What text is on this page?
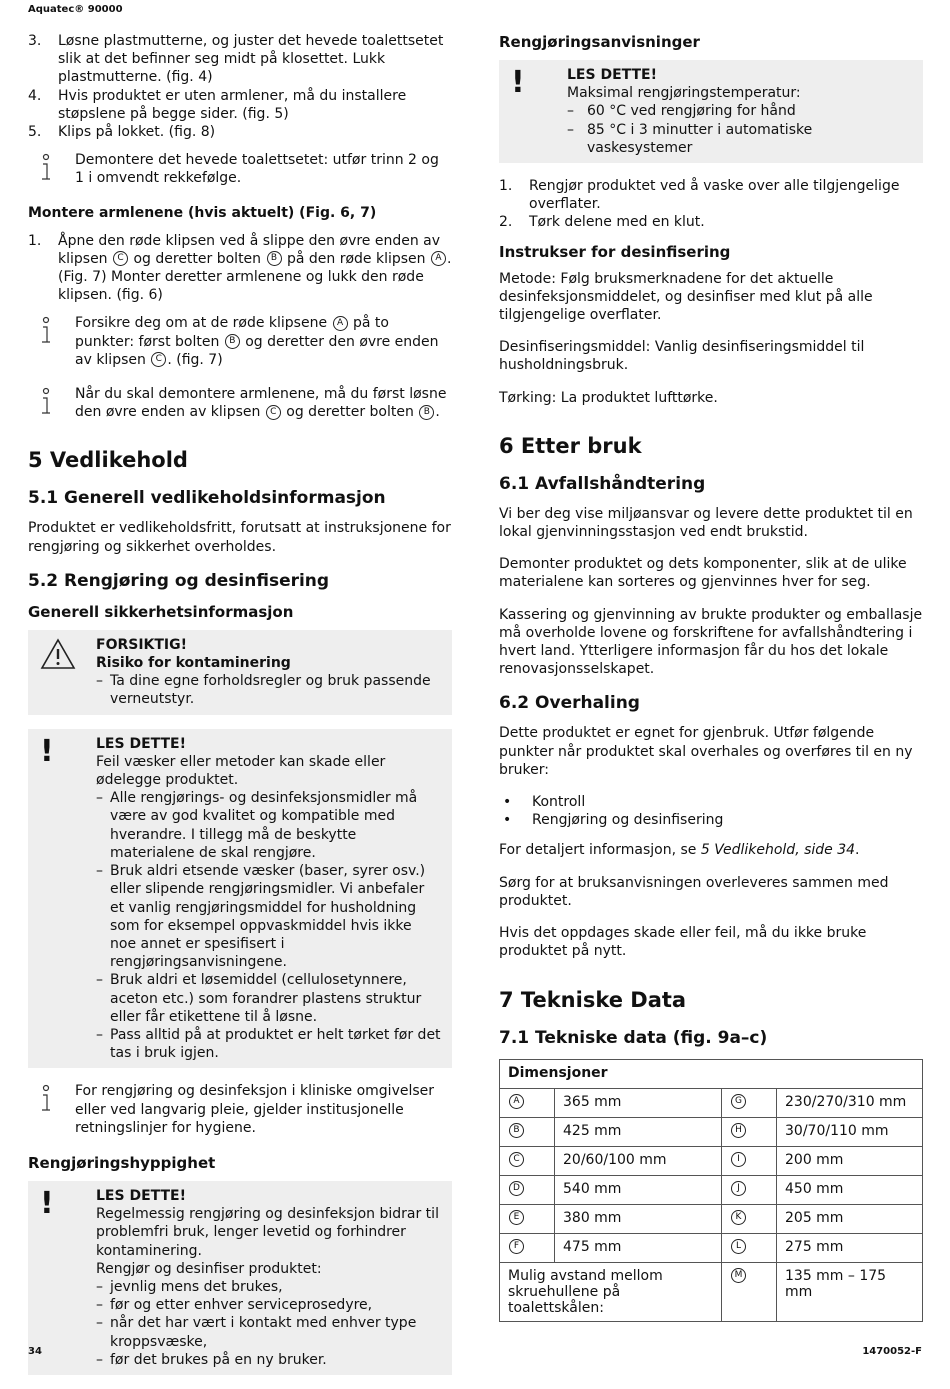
Aquatec® 90000
3. Løsne plastmutterne, og juster det hevede toalettsetet slik at det befinner seg midt på klosettet. Lukk plastmutterne. (fig. 4)
4. Hvis produktet er uten armlener, må du installere støpslene på begge sider. (fig. 5)
5. Klips på lokket. (fig. 8)
Demontere det hevede toalettsetet: utfør trinn 2 og 1 i omvendt rekkefølge.
Montere armlenene (hvis aktuelt) (Fig. 6, 7)
1. Åpne den røde klipsen ved å slippe den øvre enden av klipsen C og deretter bolten B på den røde klipsen A . (Fig. 7) Monter deretter armlenene og lukk den røde klipsen. (fig. 6)
Forsikre deg om at de røde klipsene A på to punkter: først bolten B og deretter den øvre enden av klipsen C . (fig. 7)
Når du skal demontere armlenene, må du først løsne den øvre enden av klipsen C og deretter bolten B .
5 Vedlikehold
5.1 Generell vedlikeholdsinformasjon

Produktet er vedlikeholdsfritt, forutsatt at instruksjonene for rengjøring og sikkerhet overholdes.

5.2 Rengjøring og desinfisering
Generell sikkerhetsinformasjon
FORSIKTIG!
Risiko for kontaminering
– Ta dine egne forholdsregler og bruk passende verneutstyr.
!	LES DETTE!
Feil væsker eller metoder kan skade eller ødelegge produktet.
– Alle rengjørings- og desinfeksjonsmidler må være av god kvalitet og kompatible med hverandre. I tillegg må de beskytte materialene de skal rengjøre.
– Bruk aldri etsende væsker (baser, syrer osv.) eller slipende rengjøringsmidler. Vi anbefaler et vanlig rengjøringsmiddel for husholdning som for eksempel oppvaskmiddel hvis ikke noe annet er spesifisert i rengjøringsanvisningene.
– Bruk aldri et løsemiddel (cellulosetynnere, aceton etc.) som forandrer plastens struktur eller får etikettene til å løsne.
– Pass alltid på at produktet er helt tørket før det tas i bruk igjen.
For rengjøring og desinfeksjon i kliniske omgivelser eller ved langvarig pleie, gjelder institusjonelle retningslinjer for hygiene.
Rengjøringshyppighet
!	LES DETTE!
Regelmessig rengjøring og desinfeksjon bidrar til problemfri bruk, lenger levetid og forhindrer kontaminering.
Rengjør og desinfiser produktet:
– jevnlig mens det brukes,
– før og etter enhver serviceprosedyre,
– når det har vært i kontakt med enhver type kroppsvæske,
– før det brukes på en ny bruker.
Rengjøringsanvisninger
!	LES DETTE!
Maksimal rengjøringstemperatur:
– 60 °C ved rengjøring for hånd
– 85 °C i 3 minutter i automatiske vaskesystemer
1. Rengjør produktet ved å vaske over alle tilgjengelige overflater.
2. Tørk delene med en klut.
Instrukser for desinfisering

Metode: Følg bruksmerknadene for det aktuelle desinfeksjonsmiddelet, og desinfiser med klut på alle tilgjengelige overflater.

Desinfiseringsmiddel: Vanlig desinfiseringsmiddel til husholdningsbruk.

Tørking: La produktet lufttørke.

6 Etter bruk
6.1 Avfallshåndtering

Vi ber deg vise miljøansvar og levere dette produktet til en lokal gjenvinningsstasjon ved endt brukstid.

Demonter produktet og dets komponenter, slik at de ulike materialene kan sorteres og gjenvinnes hver for seg.

Kassering og gjenvinning av brukte produkter og emballasje må overholde lovene og forskriftene for avfallshåndtering i hvert land. Ytterligere informasjon får du hos det lokale renovasjonsselskapet.

6.2 Overhaling

Dette produktet er egnet for gjenbruk. Utfør følgende punkter når produktet skal overhales og overføres til en ny bruker:

• Kontroll
• Rengjøring og desinfisering

For detaljert informasjon, se 5 Vedlikehold, side 34.

Sørg for at bruksanvisningen overleveres sammen med produktet.

Hvis det oppdages skade eller feil, må du ikke bruke produktet på nytt.

7 Tekniske Data
7.1 Tekniske data (fig. 9a–c)
Dimensjoner			
A	365 mm	G	230/270/310 mm
B	425 mm	H	30/70/110 mm
C	20/60/100 mm	I	200 mm
D	540 mm	J	450 mm
E	380 mm	K	205 mm
F	475 mm	L	275 mm
Mulig avstand mellom skruehullene på toalettskålen:		M	135 mm – 175 mm
34	1470052-F
